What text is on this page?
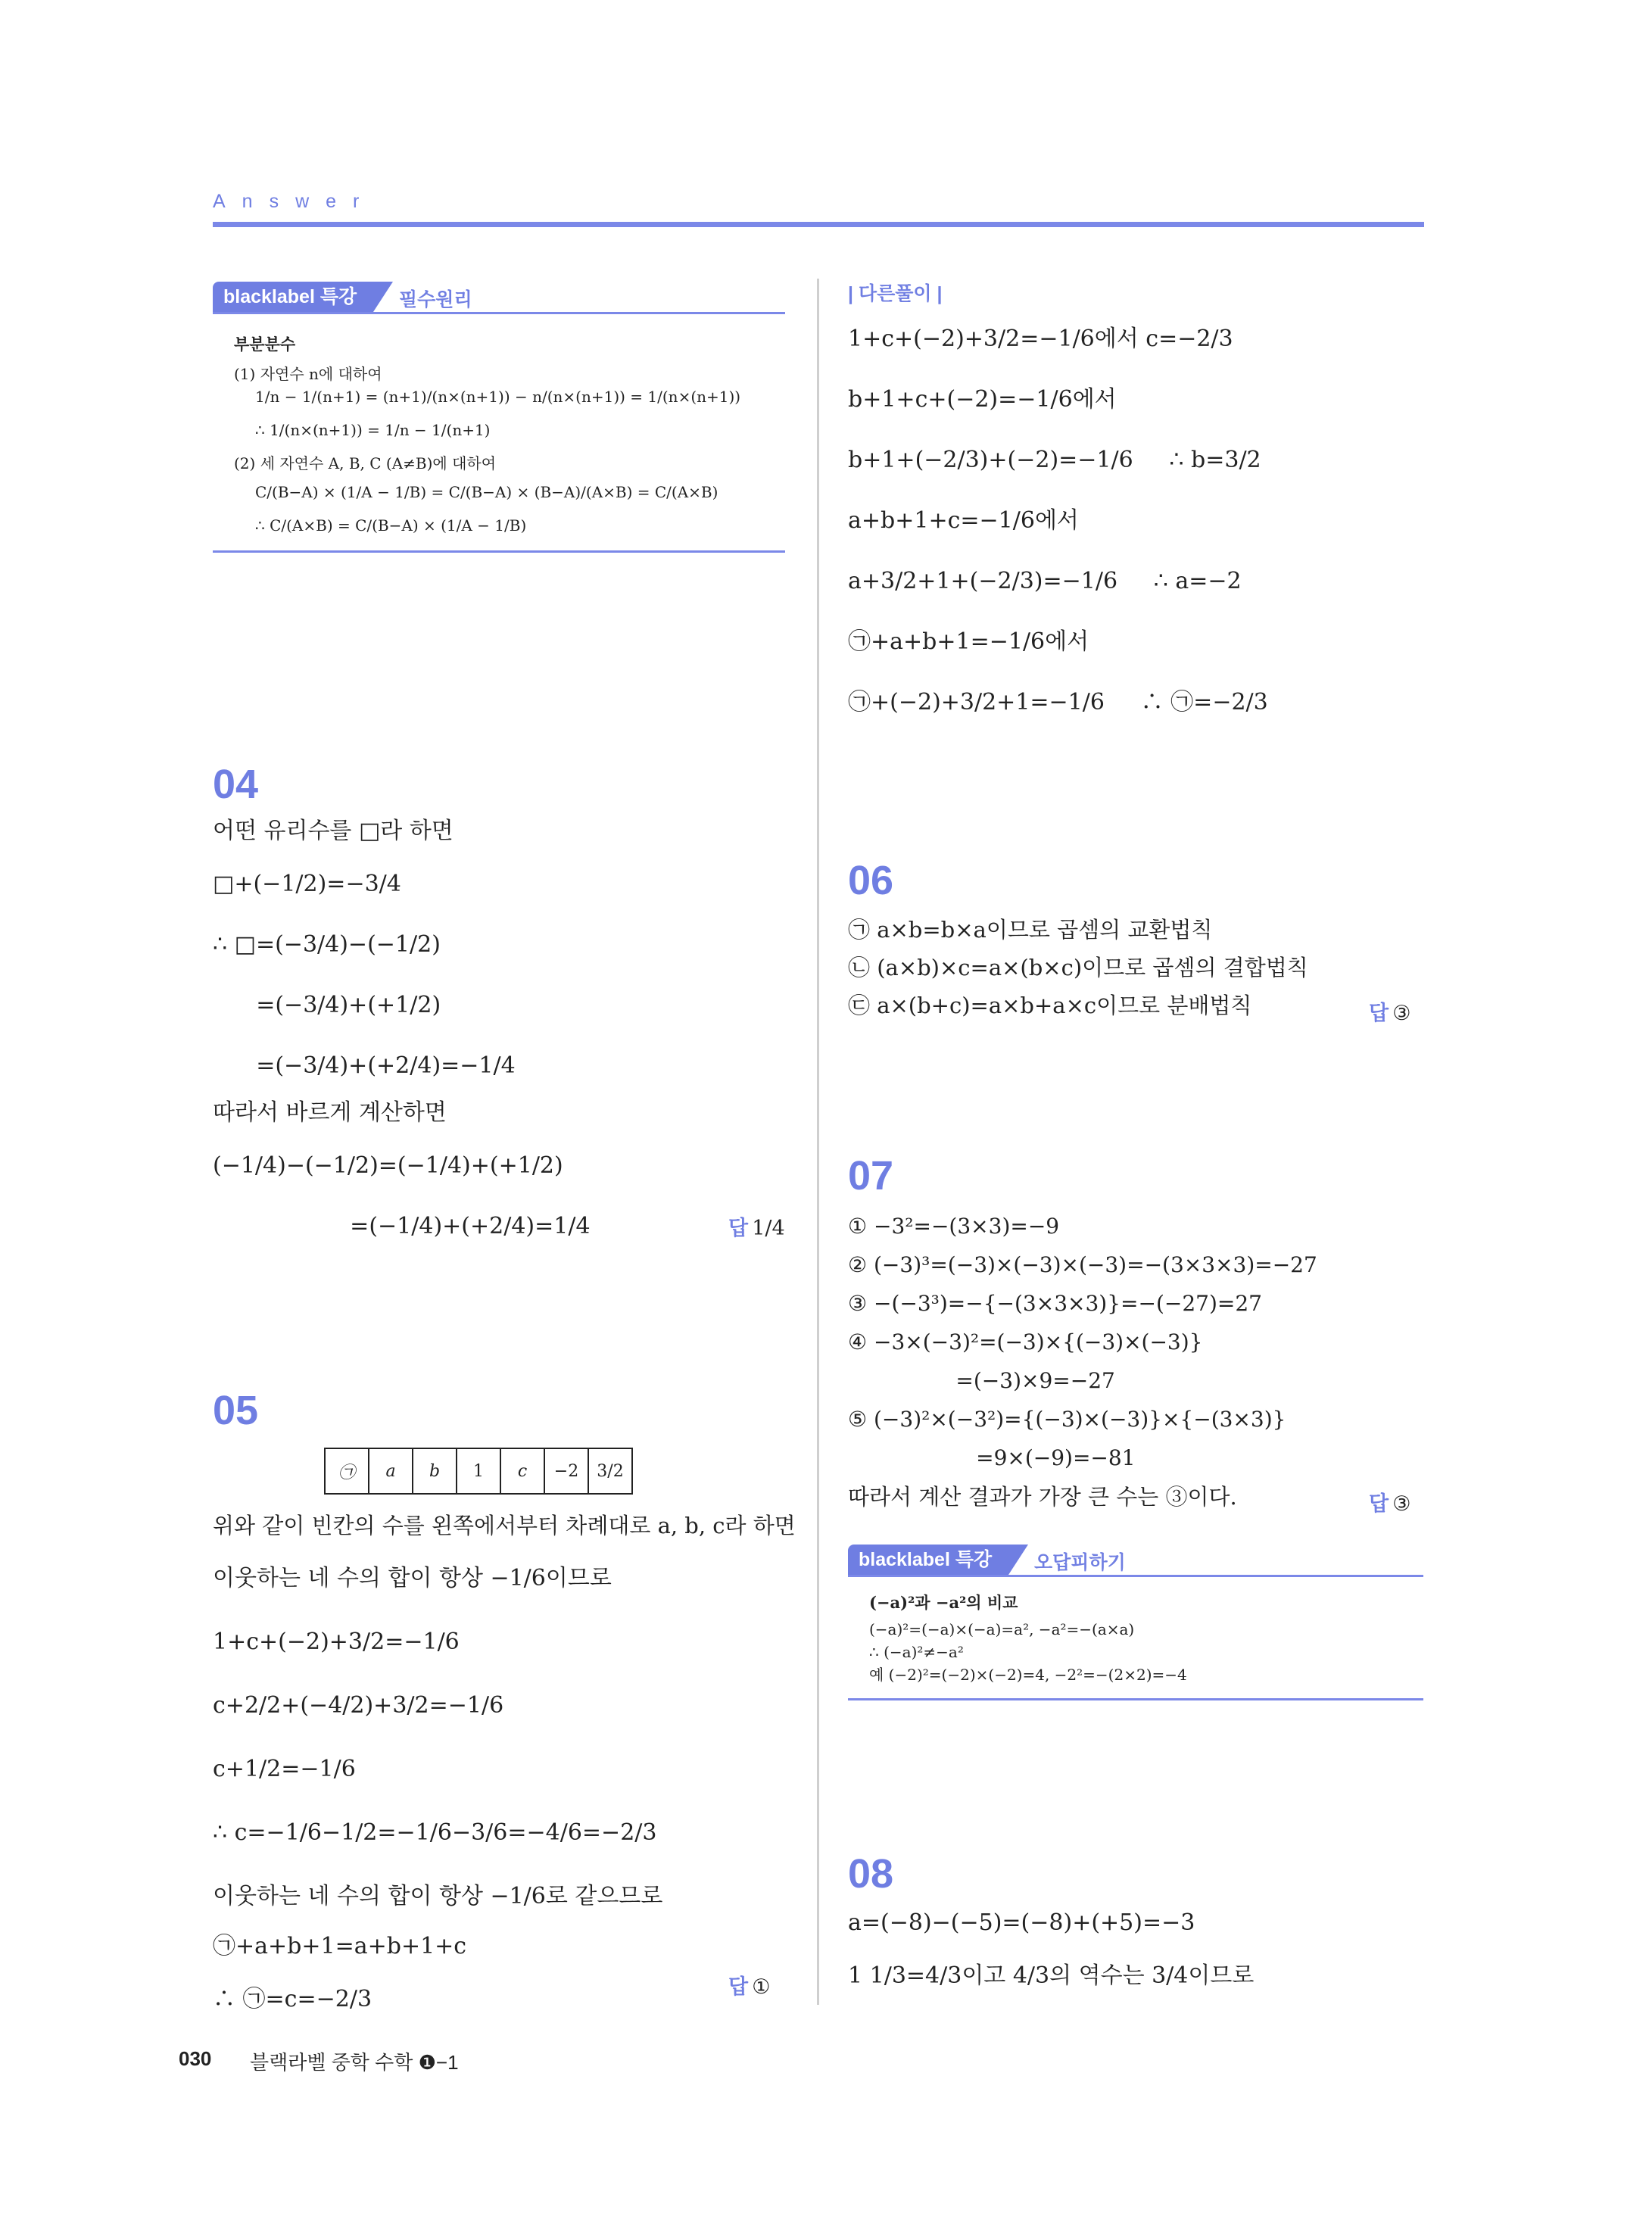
Answer
blacklabel 특강	필수원리
부분분수
(1) 자연수 n에 대하여
1/n − 1/(n+1) = (n+1)/(n×(n+1)) − n/(n×(n+1)) = 1/(n×(n+1))
∴ 1/(n×(n+1)) = 1/n − 1/(n+1)
(2) 세 자연수 A, B, C (A≠B)에 대하여
C/(B−A) × (1/A − 1/B) = C/(B−A) × (B−A)/(A×B) = C/(A×B)
∴ C/(A×B) = C/(B−A) × (1/A − 1/B)
04
어떤 유리수를 □라 하면
□+(−1/2)=−3/4
∴ □=(−3/4)−(−1/2)
=(−3/4)+(+1/2)
=(−3/4)+(+2/4)=−1/4
따라서 바르게 계산하면
(−1/4)−(−1/2)=(−1/4)+(+1/2)
=(−1/4)+(+2/4)=1/4	답 1/4
05
㉠	a	b	1	c	−2	3/2
위와 같이 빈칸의 수를 왼쪽에서부터 차례대로 a, b, c라 하면
이웃하는 네 수의 합이 항상 −1/6이므로
1+c+(−2)+3/2=−1/6
c+2/2+(−4/2)+3/2=−1/6
c+1/2=−1/6
∴ c=−1/6−1/2=−1/6−3/6=−4/6=−2/3
이웃하는 네 수의 합이 항상 −1/6로 같으므로
㉠+a+b+1=a+b+1+c
∴ ㉠=c=−2/3	답 ①
| 다른풀이 |
1+c+(−2)+3/2=−1/6에서 c=−2/3
b+1+c+(−2)=−1/6에서
b+1+(−2/3)+(−2)=−1/6     ∴ b=3/2
a+b+1+c=−1/6에서
a+3/2+1+(−2/3)=−1/6     ∴ a=−2
㉠+a+b+1=−1/6에서
㉠+(−2)+3/2+1=−1/6     ∴ ㉠=−2/3
06
㉠ a×b=b×a이므로 곱셈의 교환법칙
㉡ (a×b)×c=a×(b×c)이므로 곱셈의 결합법칙
㉢ a×(b+c)=a×b+a×c이므로 분배법칙	답 ③
07
① −3²=−(3×3)=−9
② (−3)³=(−3)×(−3)×(−3)=−(3×3×3)=−27
③ −(−3³)=−{−(3×3×3)}=−(−27)=27
④ −3×(−3)²=(−3)×{(−3)×(−3)}
=(−3)×9=−27
⑤ (−3)²×(−3²)={(−3)×(−3)}×{−(3×3)}
=9×(−9)=−81
따라서 계산 결과가 가장 큰 수는 ③이다.	답 ③
blacklabel 특강	오답피하기
(−a)²과 −a²의 비교
(−a)²=(−a)×(−a)=a², −a²=−(a×a)
∴ (−a)²≠−a²
예 (−2)²=(−2)×(−2)=4, −2²=−(2×2)=−4
08
a=(−8)−(−5)=(−8)+(+5)=−3
1 1/3=4/3이고 4/3의 역수는 3/4이므로
030 블랙라벨 중학 수학 ❶−1
